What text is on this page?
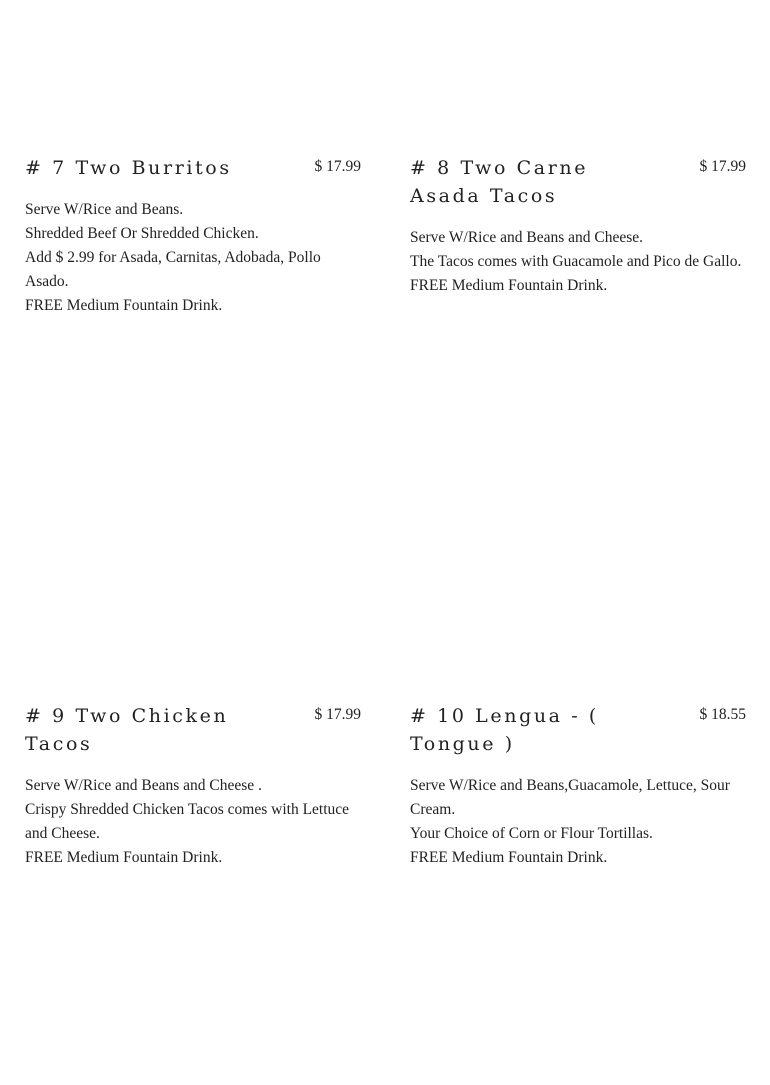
# 7 Two Burritos	$ 17.99

Serve W/Rice and Beans.

Shredded Beef Or Shredded Chicken.

Add $ 2.99 for Asada, Carnitas, Adobada, Pollo Asado.

FREE Medium Fountain Drink.

# 8 Two Carne Asada Tacos
$ 17.99

Serve W/Rice and Beans and Cheese.

The Tacos comes with Guacamole and Pico de Gallo.

FREE Medium Fountain Drink.

# 9 Two Chicken Tacos
$ 17.99

Serve W/Rice and Beans and Cheese .

Crispy Shredded Chicken Tacos comes with Lettuce and Cheese.

FREE Medium Fountain Drink.

# 10 Lengua - ( Tongue )
$ 18.55

Serve W/Rice and Beans,Guacamole, Lettuce, Sour Cream.

Your Choice of Corn or Flour Tortillas.

FREE Medium Fountain Drink.
